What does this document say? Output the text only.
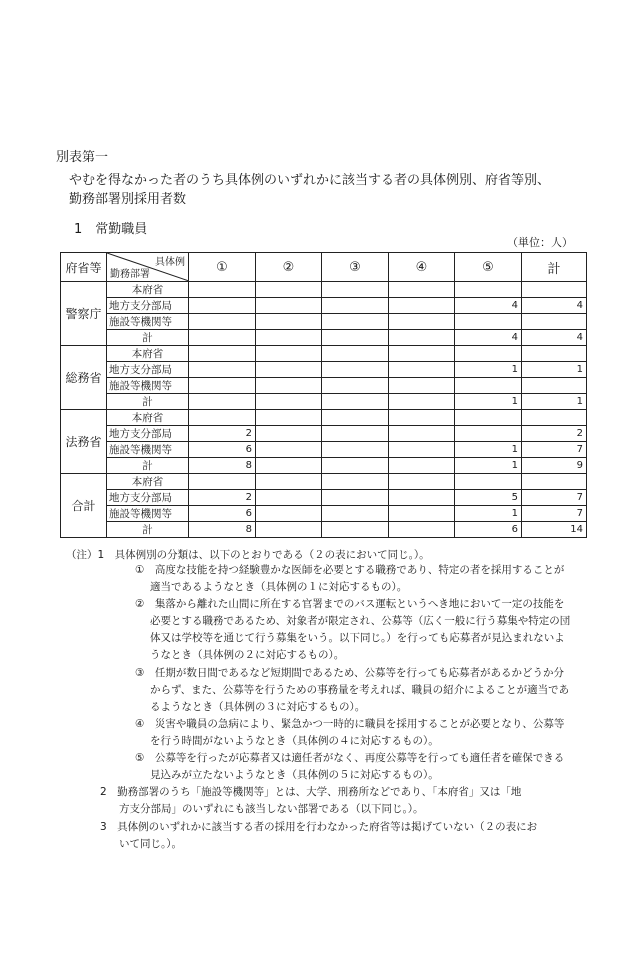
別表第一
やむを得なかった者のうち具体例のいずれかに該当する者の具体例別、府省等別、
勤務部署別採用者数
1　常勤職員
（単位：人）
府省等	具体例
勤務部署	①	②	③	④	⑤	計
警察庁	本府省						
	地方支分部局					4	4
	施設等機関等						
	計					4	4
総務省	本府省						
	地方支分部局					1	1
	施設等機関等						
	計					1	1
法務省	本府省						
	地方支分部局	2					2
	施設等機関等	6				1	7
	計	8				1	9
合計	本府省						
	地方支分部局	2				5	7
	施設等機関等	6				1	7
	計	8				6	14
（注）1　具体例別の分類は、以下のとおりである（２の表において同じ。）。
①　高度な技能を持つ経験豊かな医師を必要とする職務であり、特定の者を採用することが
適当であるようなとき（具体例の１に対応するもの）。
②　集落から離れた山間に所在する官署までのバス運転というへき地において一定の技能を
必要とする職務であるため、対象者が限定され、公募等（広く一般に行う募集や特定の団
体又は学校等を通じて行う募集をいう。以下同じ。）を行っても応募者が見込まれないよ
うなとき（具体例の２に対応するもの）。
③　任期が数日間であるなど短期間であるため、公募等を行っても応募者があるかどうか分
からず、また、公募等を行うための事務量を考えれば、職員の紹介によることが適当であ
るようなとき（具体例の３に対応するもの）。
④　災害や職員の急病により、緊急かつ一時的に職員を採用することが必要となり、公募等
を行う時間がないようなとき（具体例の４に対応するもの）。
⑤　公募等を行ったが応募者又は適任者がなく、再度公募等を行っても適任者を確保できる
見込みが立たないようなとき（具体例の５に対応するもの）。
2　勤務部署のうち「施設等機関等」とは、大学、刑務所などであり、「本府省」又は「地
方支分部局」のいずれにも該当しない部署である（以下同じ。）。
3　具体例のいずれかに該当する者の採用を行わなかった府省等は掲げていない（２の表にお
いて同じ。）。
